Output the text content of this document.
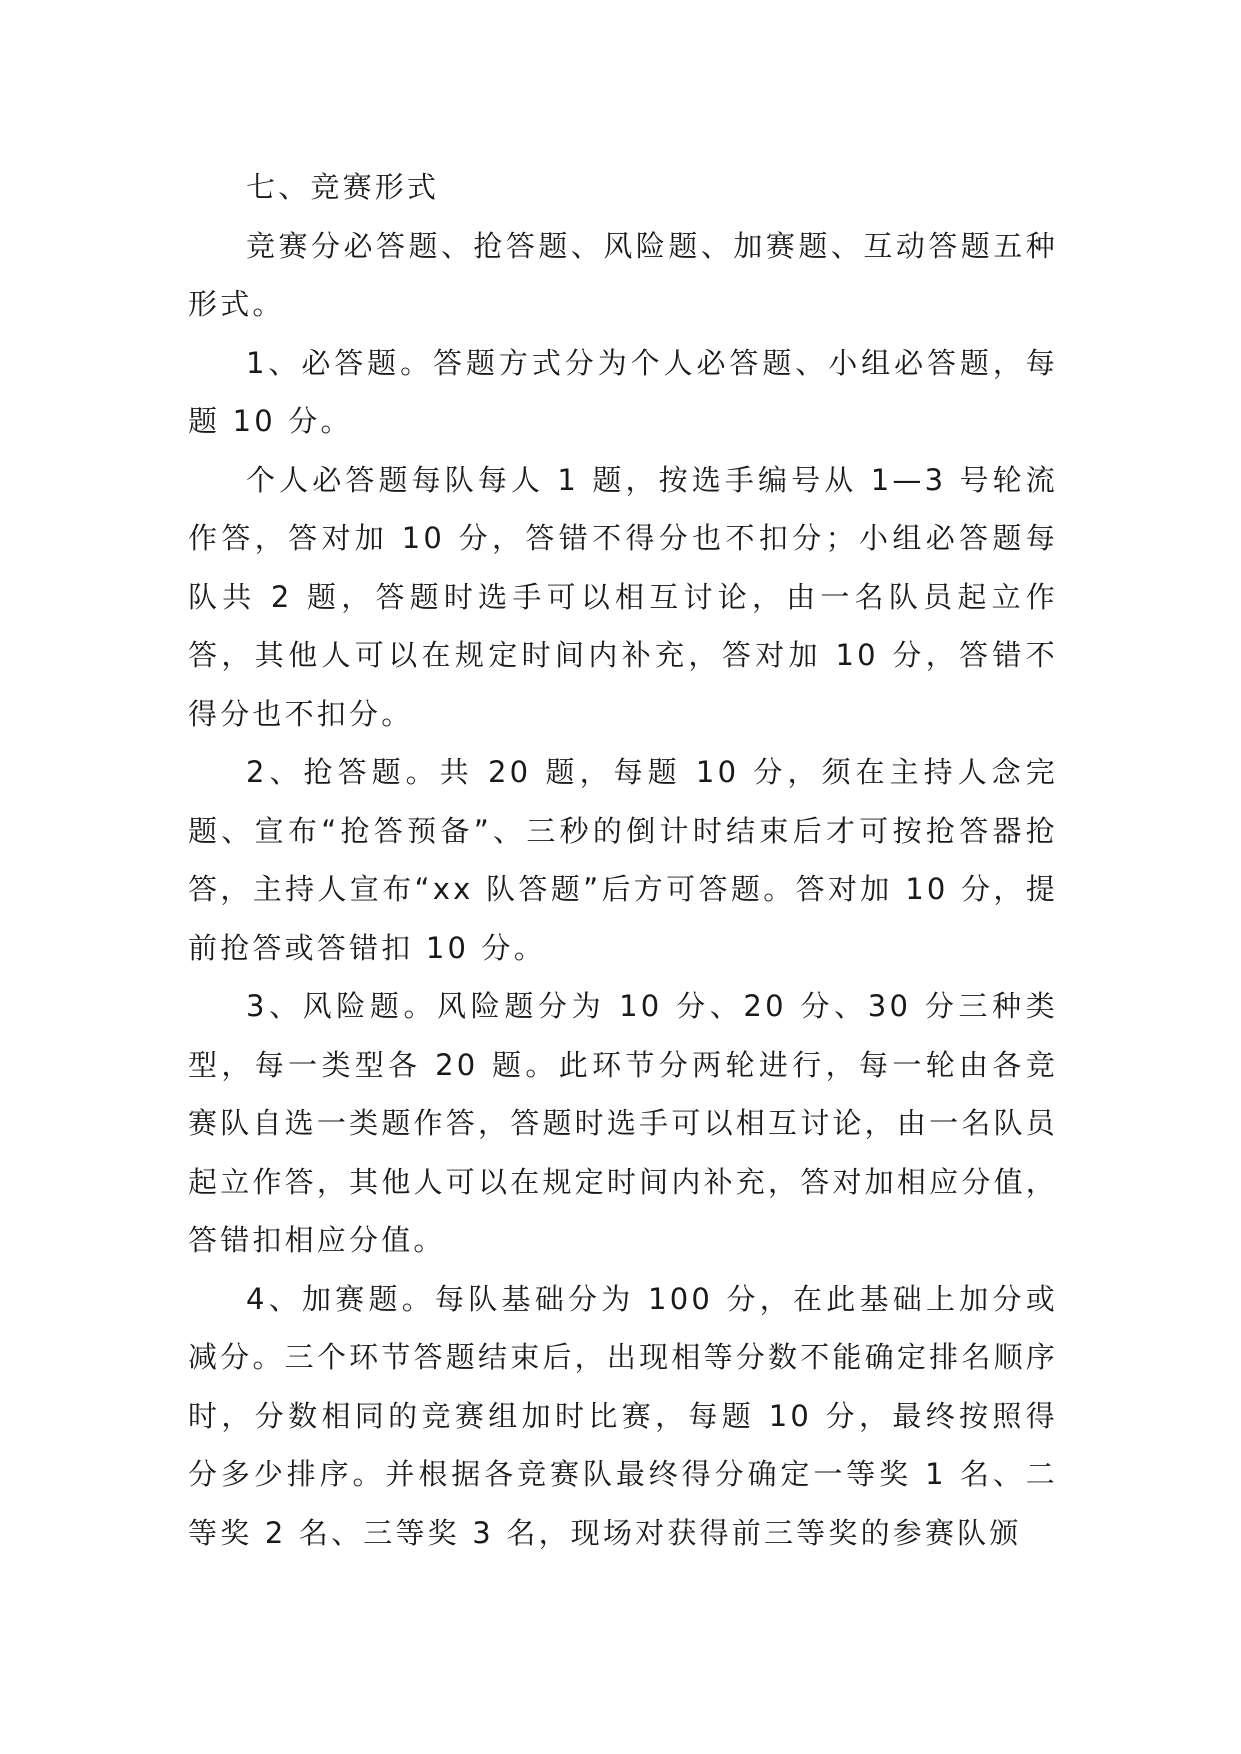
七、竞赛形式

竞赛分必答题、抢答题、风险题、加赛题、互动答题五种形式。

1、必答题。答题方式分为个人必答题、小组必答题，每题 10 分。

个人必答题每队每人 1 题，按选手编号从 1—3 号轮流作答，答对加 10 分，答错不得分也不扣分；小组必答题每队共 2 题，答题时选手可以相互讨论，由一名队员起立作答，其他人可以在规定时间内补充，答对加 10 分，答错不得分也不扣分。

2、抢答题。共 20 题，每题 10 分，须在主持人念完题、宣布“抢答预备”、三秒的倒计时结束后才可按抢答器抢答，主持人宣布“xx 队答题”后方可答题。答对加 10 分，提前抢答或答错扣 10 分。

3、风险题。风险题分为 10 分、20 分、30 分三种类型，每一类型各 20 题。此环节分两轮进行，每一轮由各竞赛队自选一类题作答，答题时选手可以相互讨论，由一名队员起立作答，其他人可以在规定时间内补充，答对加相应分值，答错扣相应分值。

4、加赛题。每队基础分为 100 分，在此基础上加分或减分。三个环节答题结束后，出现相等分数不能确定排名顺序时，分数相同的竞赛组加时比赛，每题 10 分，最终按照得分多少排序。并根据各竞赛队最终得分确定一等奖 1 名、二等奖 2 名、三等奖 3 名，现场对获得前三等奖的参赛队颁
